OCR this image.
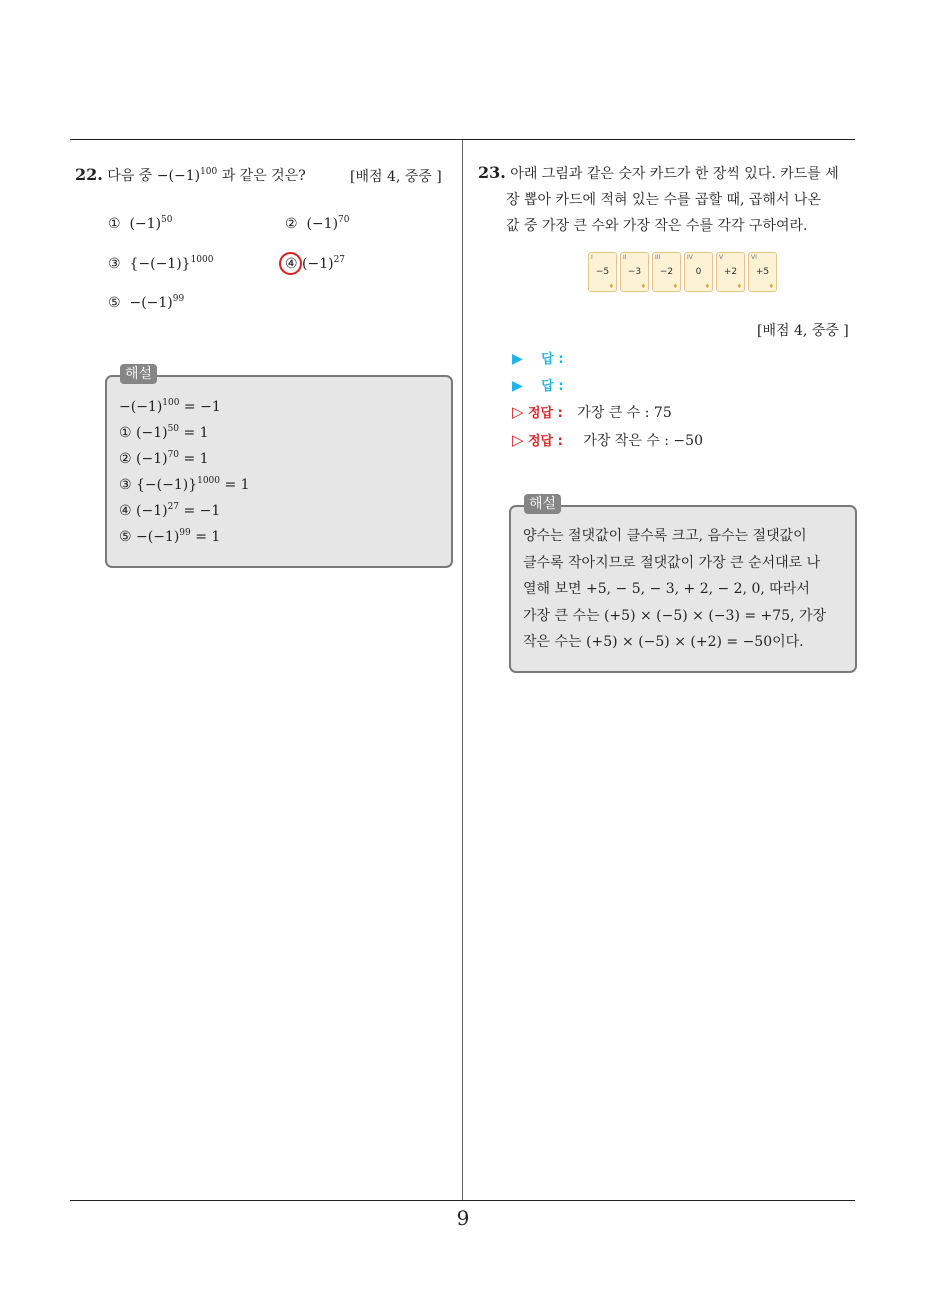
22. 다음 중 $-(-1)^{100}$ 과 같은 것은?	[배점 4, 중중 ]
① $(-1)^{50}$	② $(-1)^{70}$
③ $\{-(-1)\}^{1000}$	④ $(-1)^{27}$
⑤ $-(-1)^{99}$
$-(-1)^{100} = -1$
① $(-1)^{50} = 1$
② $(-1)^{70} = 1$
③ $\{-(-1)\}^{1000} = 1$
④ $(-1)^{27} = -1$
⑤ $-(-1)^{99} = 1$
해설
23. 아래 그림과 같은 숫자 카드가 한 장씩 있다. 카드를 세
장 뽑아 카드에 적혀 있는 수를 곱할 때, 곱해서 나온
값 중 가장 큰 수와 가장 작은 수를 각각 구하여라.
I
−5
♦
II
−3
♦
III
−2
♦
IV
0
♦
V
+2
♦
VI
+5
♦
[배점 4, 중중 ]
▶ 답 :
▶ 답 :
▷ 정답 : 가장 큰 수 : 75
▷ 정답 : 가장 작은 수 : −50
양수는 절댓값이 클수록 크고, 음수는 절댓값이
클수록 작아지므로 절댓값이 가장 큰 순서대로 나
열해 보면 +5, − 5, − 3, + 2, − 2, 0, 따라서
가장 큰 수는 (+5) × (−5) × (−3) = +75, 가장
작은 수는 (+5) × (−5) × (+2) = −50이다.
해설
9
